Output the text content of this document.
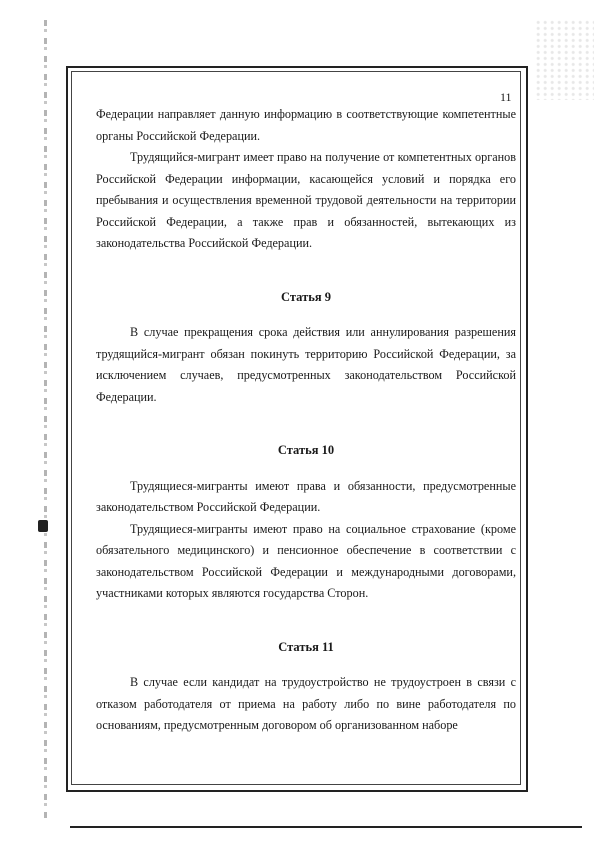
11

Федерации направляет данную информацию в соответствующие компетентные органы Российской Федерации.

Трудящийся-мигрант имеет право на получение от компетентных органов Российской Федерации информации, касающейся условий и порядка его пребывания и осуществления временной трудовой деятельности на территории Российской Федерации, а также прав и обязанностей, вытекающих из законодательства Российской Федерации.

Статья 9

В случае прекращения срока действия или аннулирования разрешения трудящийся-мигрант обязан покинуть территорию Российской Федерации, за исключением случаев, предусмотренных законодательством Российской Федерации.

Статья 10

Трудящиеся-мигранты имеют права и обязанности, предусмотренные законодательством Российской Федерации.

Трудящиеся-мигранты имеют право на социальное страхование (кроме обязательного медицинского) и пенсионное обеспечение в соответствии с законодательством Российской Федерации и международными договорами, участниками которых являются государства Сторон.

Статья 11

В случае если кандидат на трудоустройство не трудоустроен в связи с отказом работодателя от приема на работу либо по вине работодателя по основаниям, предусмотренным договором об организованном наборе
